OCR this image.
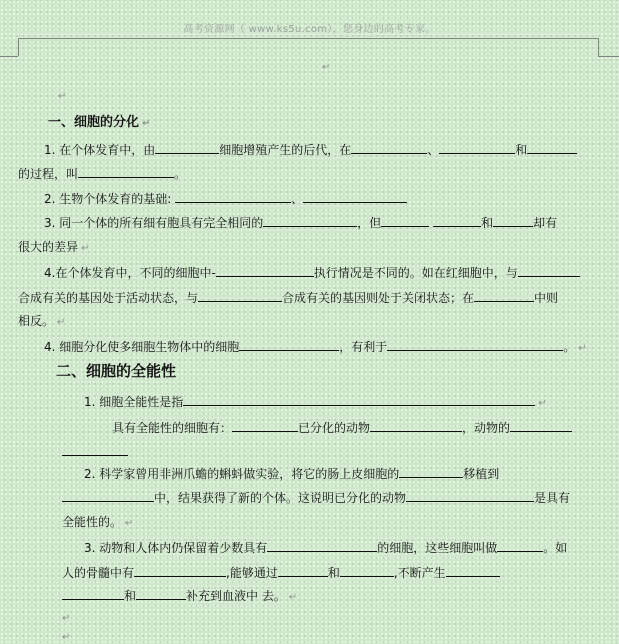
高考资源网（ www.ks5u.com），您身边的高考专家。
↵
↵
一、细胞的分化 ↵
1. 在个体发育中，由	细胞增殖产生的后代，在	、	和
的过程，叫	。
2. 生物个体发育的基础:	、
3. 同一个体的所有细有胞具有完全相同的	，但	和	却有
很大的差异 ↵
4.在个体发育中，不同的细胞中-	执行情况是不同的。如在红细胞中，与
合成有关的基因处于活动状态，与	合成有关的基因则处于关闭状态；在	中则
相反。 ↵
4. 细胞分化使多细胞生物体中的细胞	，有利于	。 ↵
二、细胞的全能性
1. 细胞全能性是指	↵
具有全能性的细胞有：	已分化的动物	，动物的
2. 科学家曾用非洲爪蟾的蝌蚪做实验，将它的肠上皮细胞的	移植到
中，结果获得了新的个体。这说明已分化的动物	是具有
全能性的。 ↵
3. 动物和人体内仍保留着少数具有	的细胞，这些细胞叫做	。如
人的骨髓中有	,能够通过	和	,不断产生
和	补充到血液中 去。 ↵
↵
↵
